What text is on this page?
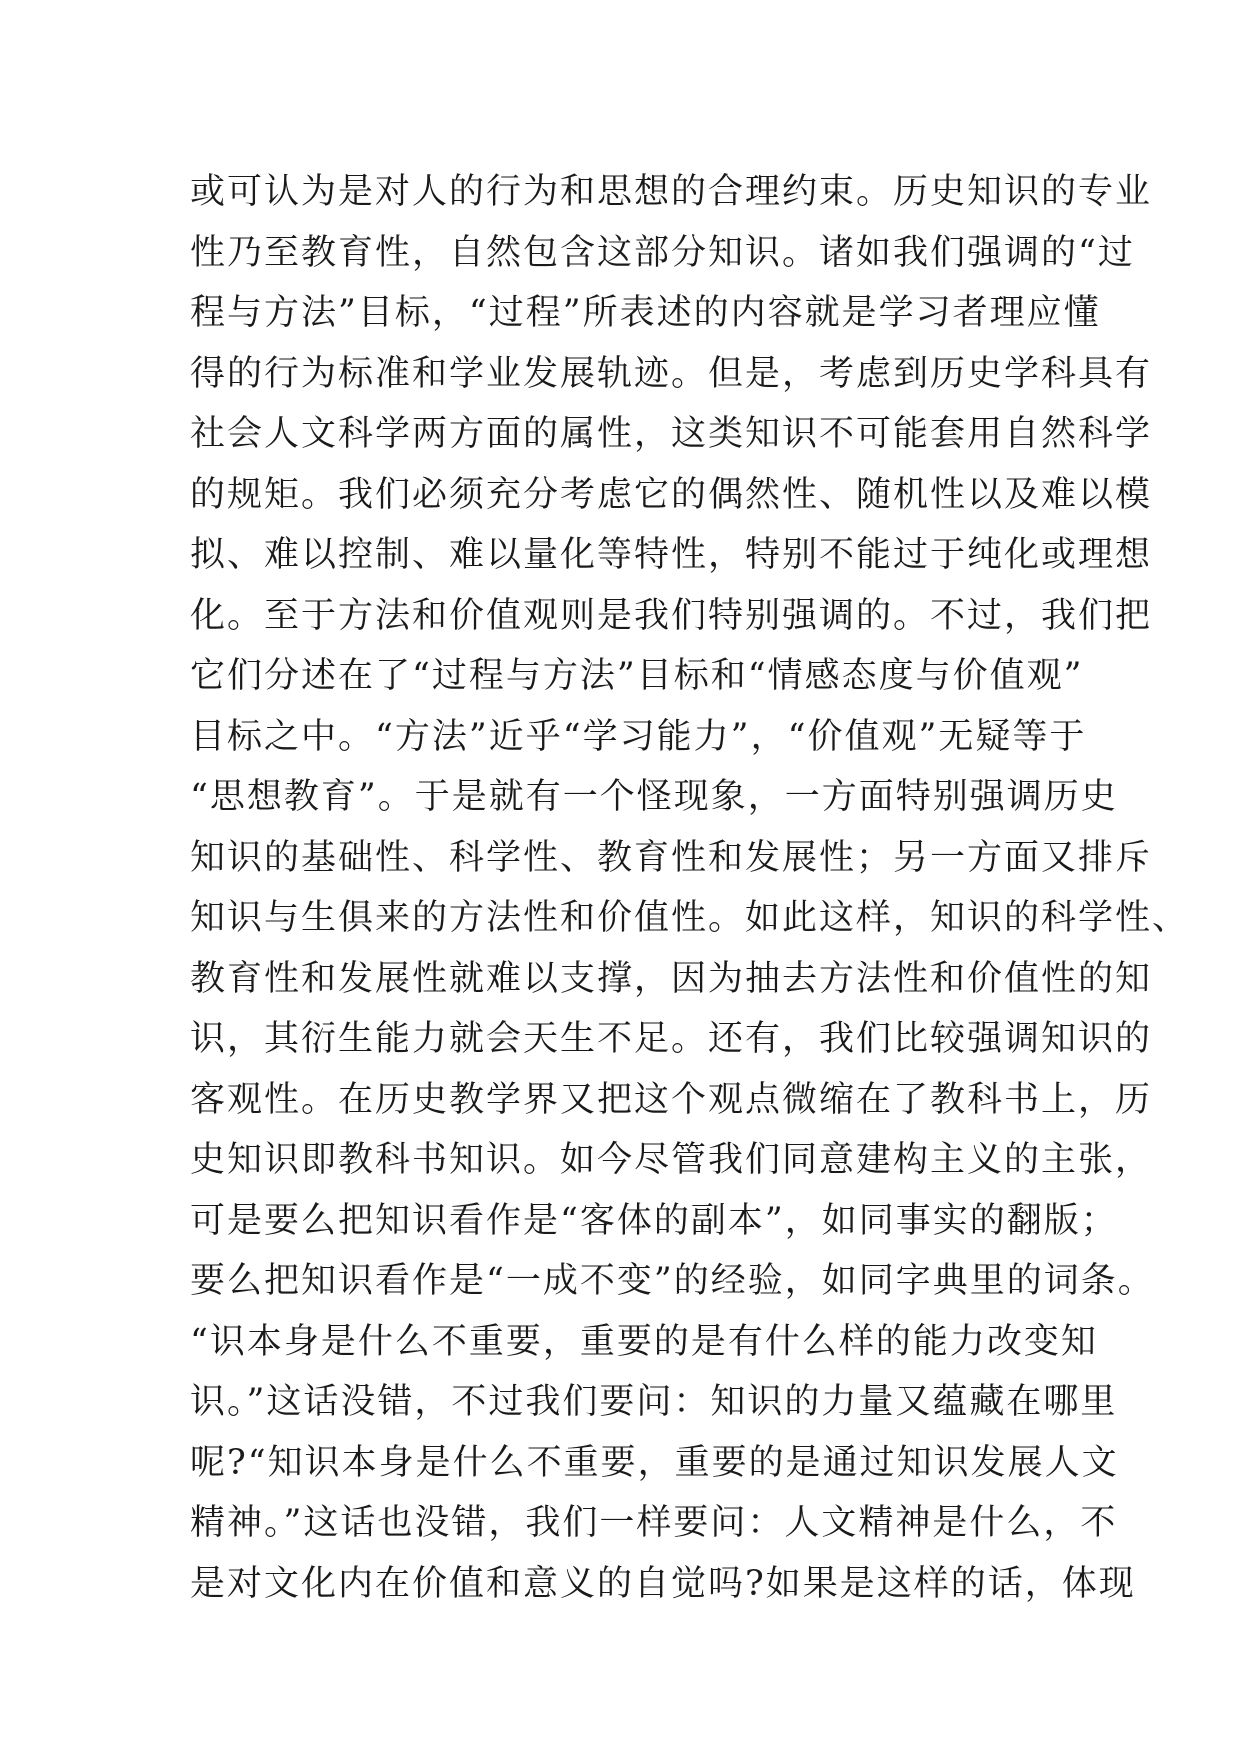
或可认为是对人的行为和思想的合理约束。历史知识的专业
性乃至教育性，自然包含这部分知识。诸如我们强调的“过
程与方法”目标，“过程”所表述的内容就是学习者理应懂
得的行为标准和学业发展轨迹。但是，考虑到历史学科具有
社会人文科学两方面的属性，这类知识不可能套用自然科学
的规矩。我们必须充分考虑它的偶然性、随机性以及难以模
拟、难以控制、难以量化等特性，特别不能过于纯化或理想
化。至于方法和价值观则是我们特别强调的。不过，我们把
它们分述在了“过程与方法”目标和“情感态度与价值观”
目标之中。“方法”近乎“学习能力”，“价值观”无疑等于
“思想教育”。于是就有一个怪现象，一方面特别强调历史
知识的基础性、科学性、教育性和发展性；另一方面又排斥
知识与生俱来的方法性和价值性。如此这样，知识的科学性、
教育性和发展性就难以支撑，因为抽去方法性和价值性的知
识，其衍生能力就会天生不足。还有，我们比较强调知识的
客观性。在历史教学界又把这个观点微缩在了教科书上，历
史知识即教科书知识。如今尽管我们同意建构主义的主张，
可是要么把知识看作是“客体的副本”，如同事实的翻版；
要么把知识看作是“一成不变”的经验，如同字典里的词条。
“识本身是什么不重要，重要的是有什么样的能力改变知
识。”这话没错，不过我们要问：知识的力量又蕴藏在哪里
呢?“知识本身是什么不重要，重要的是通过知识发展人文
精神。”这话也没错，我们一样要问：人文精神是什么，不
是对文化内在价值和意义的自觉吗?如果是这样的话，体现
